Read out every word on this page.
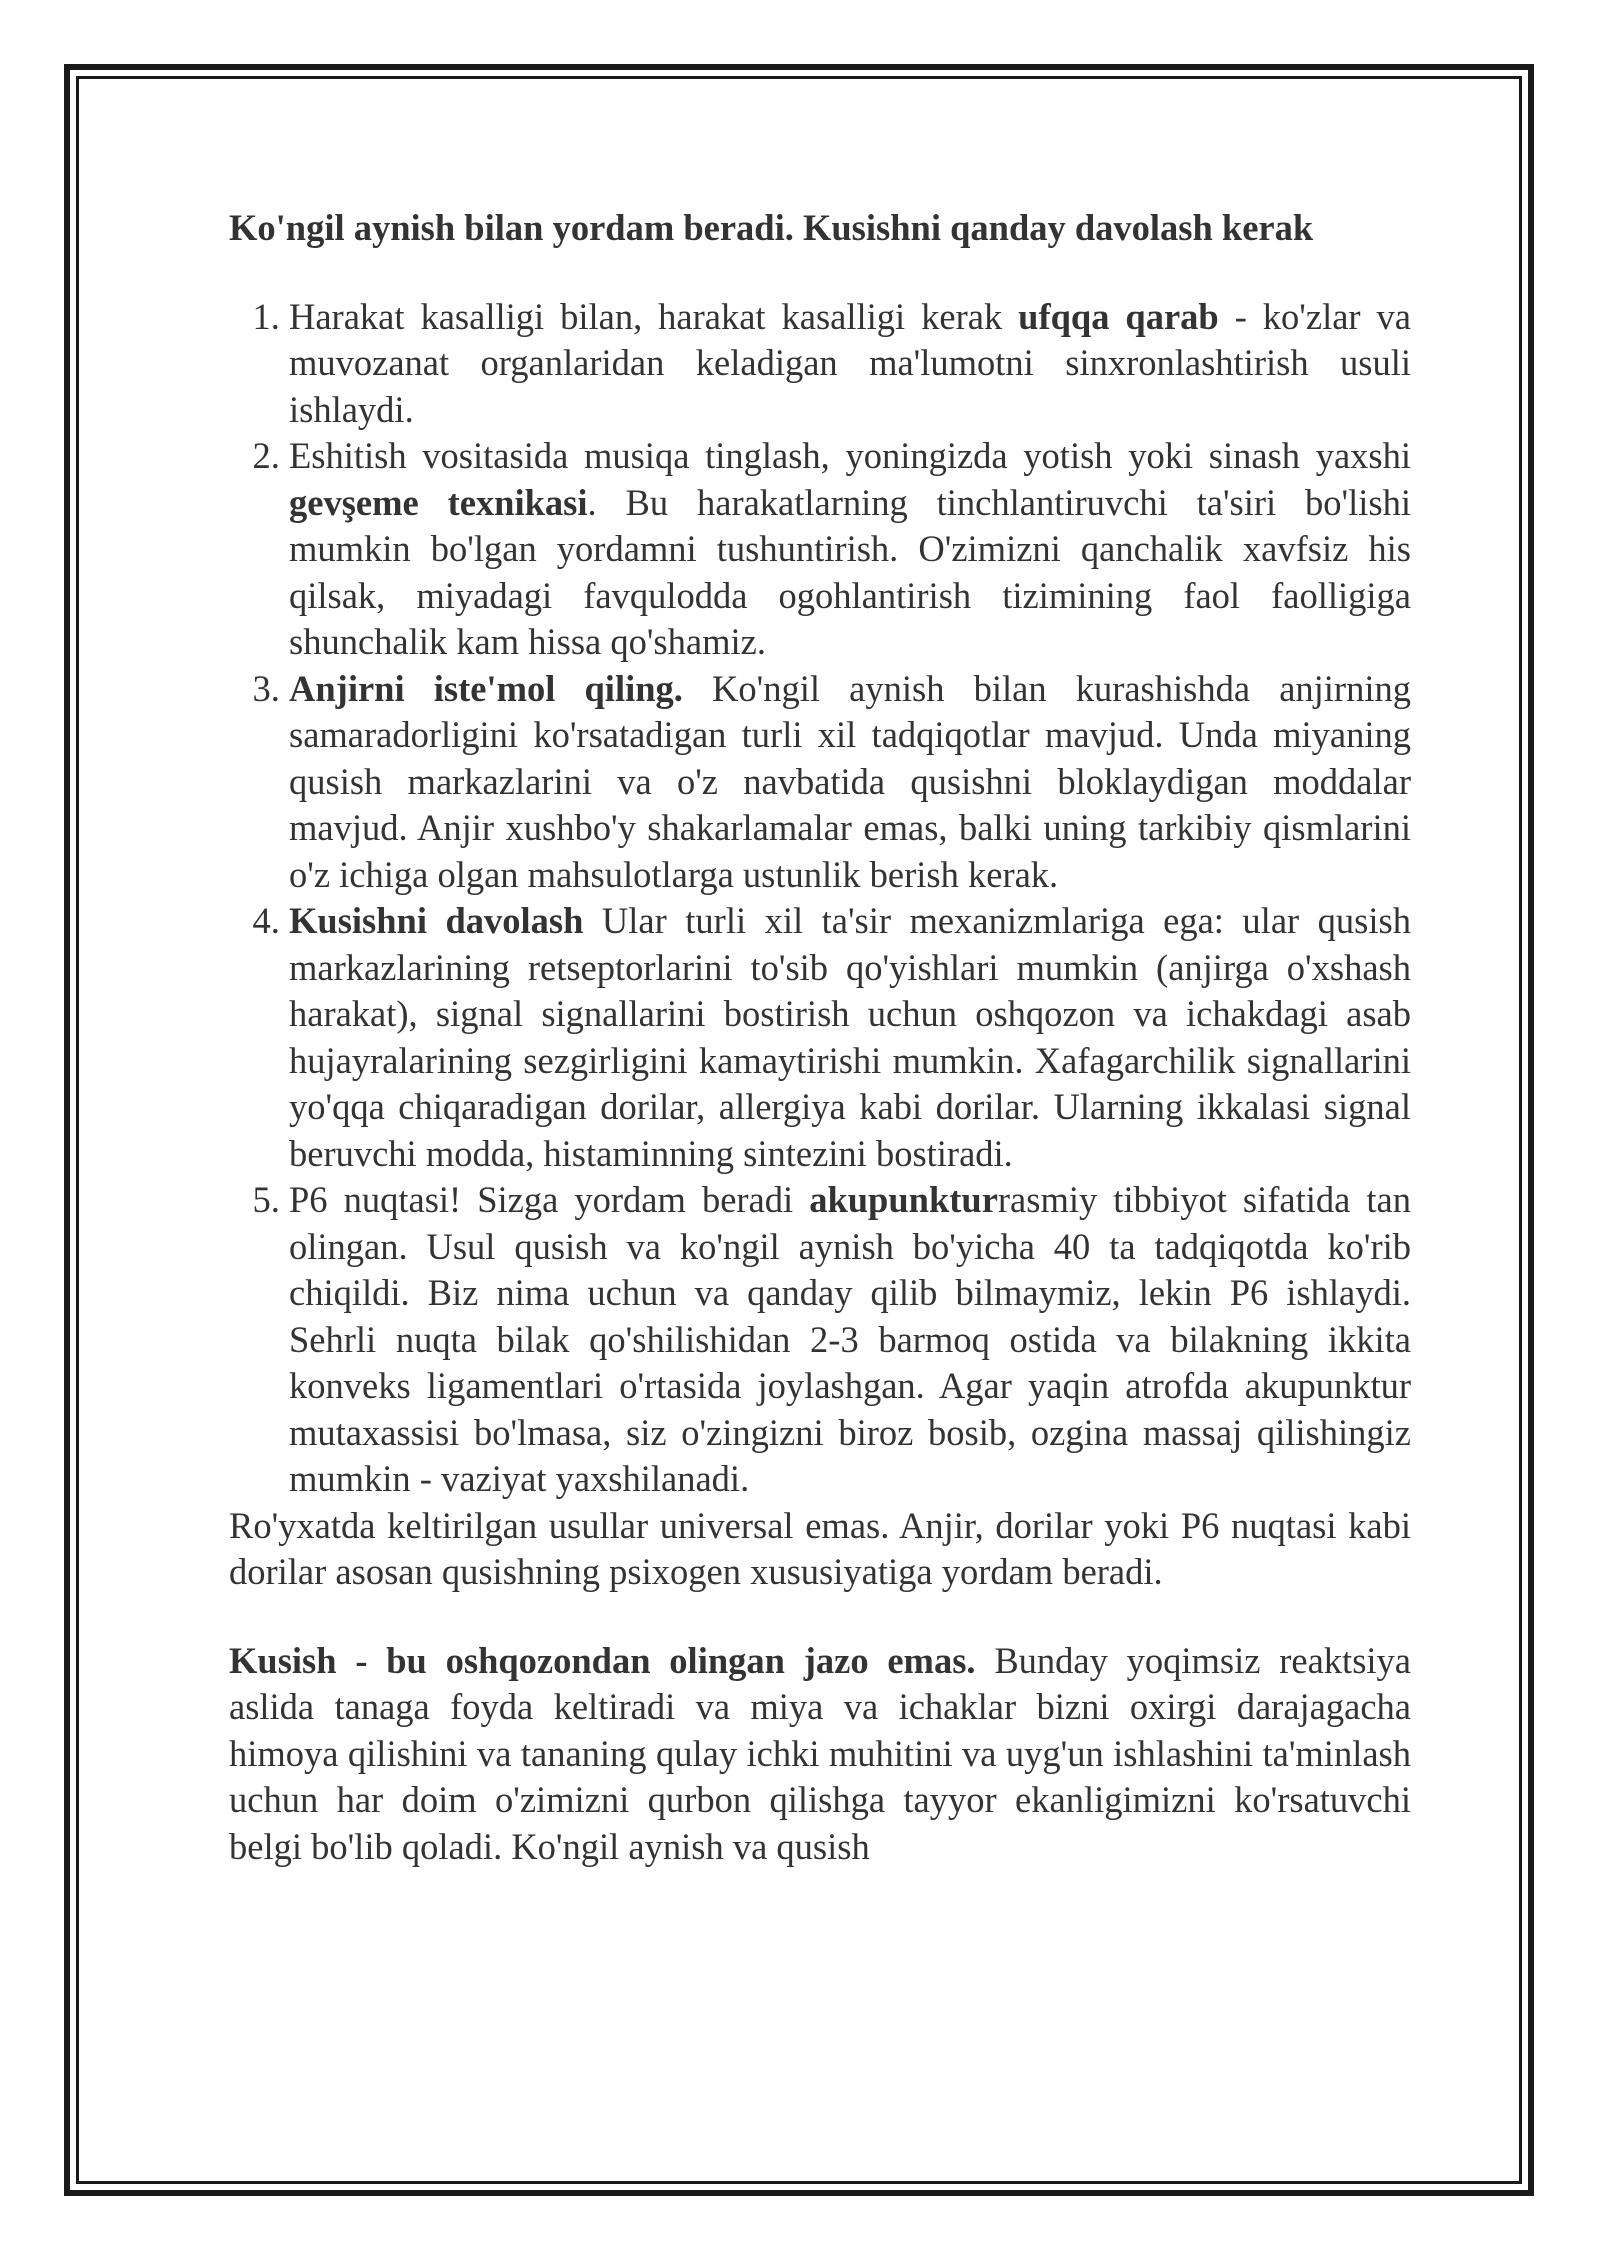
Ko'ngil aynish bilan yordam beradi. Kusishni qanday davolash kerak

1. Harakat kasalligi bilan, harakat kasalligi kerak ufqqa qarab - ko'zlar va muvozanat organlaridan keladigan ma'lumotni sinxronlashtirish usuli ishlaydi.
2. Eshitish vositasida musiqa tinglash, yoningizda yotish yoki sinash yaxshi gevşeme texnikasi. Bu harakatlarning tinchlantiruvchi ta'siri bo'lishi mumkin bo'lgan yordamni tushuntirish. O'zimizni qanchalik xavfsiz his qilsak, miyadagi favqulodda ogohlantirish tizimining faol faolligiga shunchalik kam hissa qo'shamiz.
3. Anjirni iste'mol qiling. Ko'ngil aynish bilan kurashishda anjirning samaradorligini ko'rsatadigan turli xil tadqiqotlar mavjud. Unda miyaning qusish markazlarini va o'z navbatida qusishni bloklaydigan moddalar mavjud. Anjir xushbo'y shakarlamalar emas, balki uning tarkibiy qismlarini o'z ichiga olgan mahsulotlarga ustunlik berish kerak.
4. Kusishni davolash Ular turli xil ta'sir mexanizmlariga ega: ular qusish markazlarining retseptorlarini to'sib qo'yishlari mumkin (anjirga o'xshash harakat), signal signallarini bostirish uchun oshqozon va ichakdagi asab hujayralarining sezgirligini kamaytirishi mumkin. Xafagarchilik signallarini yo'qqa chiqaradigan dorilar, allergiya kabi dorilar. Ularning ikkalasi signal beruvchi modda, histaminning sintezini bostiradi.
5. P6 nuqtasi! Sizga yordam beradi akupunkturrasmiy tibbiyot sifatida tan olingan. Usul qusish va ko'ngil aynish bo'yicha 40 ta tadqiqotda ko'rib chiqildi. Biz nima uchun va qanday qilib bilmaymiz, lekin P6 ishlaydi. Sehrli nuqta bilak qo'shilishidan 2-3 barmoq ostida va bilakning ikkita konveks ligamentlari o'rtasida joylashgan. Agar yaqin atrofda akupunktur mutaxassisi bo'lmasa, siz o'zingizni biroz bosib, ozgina massaj qilishingiz mumkin - vaziyat yaxshilanadi.

Ro'yxatda keltirilgan usullar universal emas. Anjir, dorilar yoki P6 nuqtasi kabi dorilar asosan qusishning psixogen xususiyatiga yordam beradi.

Kusish - bu oshqozondan olingan jazo emas. Bunday yoqimsiz reaktsiya aslida tanaga foyda keltiradi va miya va ichaklar bizni oxirgi darajagacha himoya qilishini va tananing qulay ichki muhitini va uyg'un ishlashini ta'minlash uchun har doim o'zimizni qurbon qilishga tayyor ekanligimizni ko'rsatuvchi belgi bo'lib qoladi. Ko'ngil aynish va qusish
